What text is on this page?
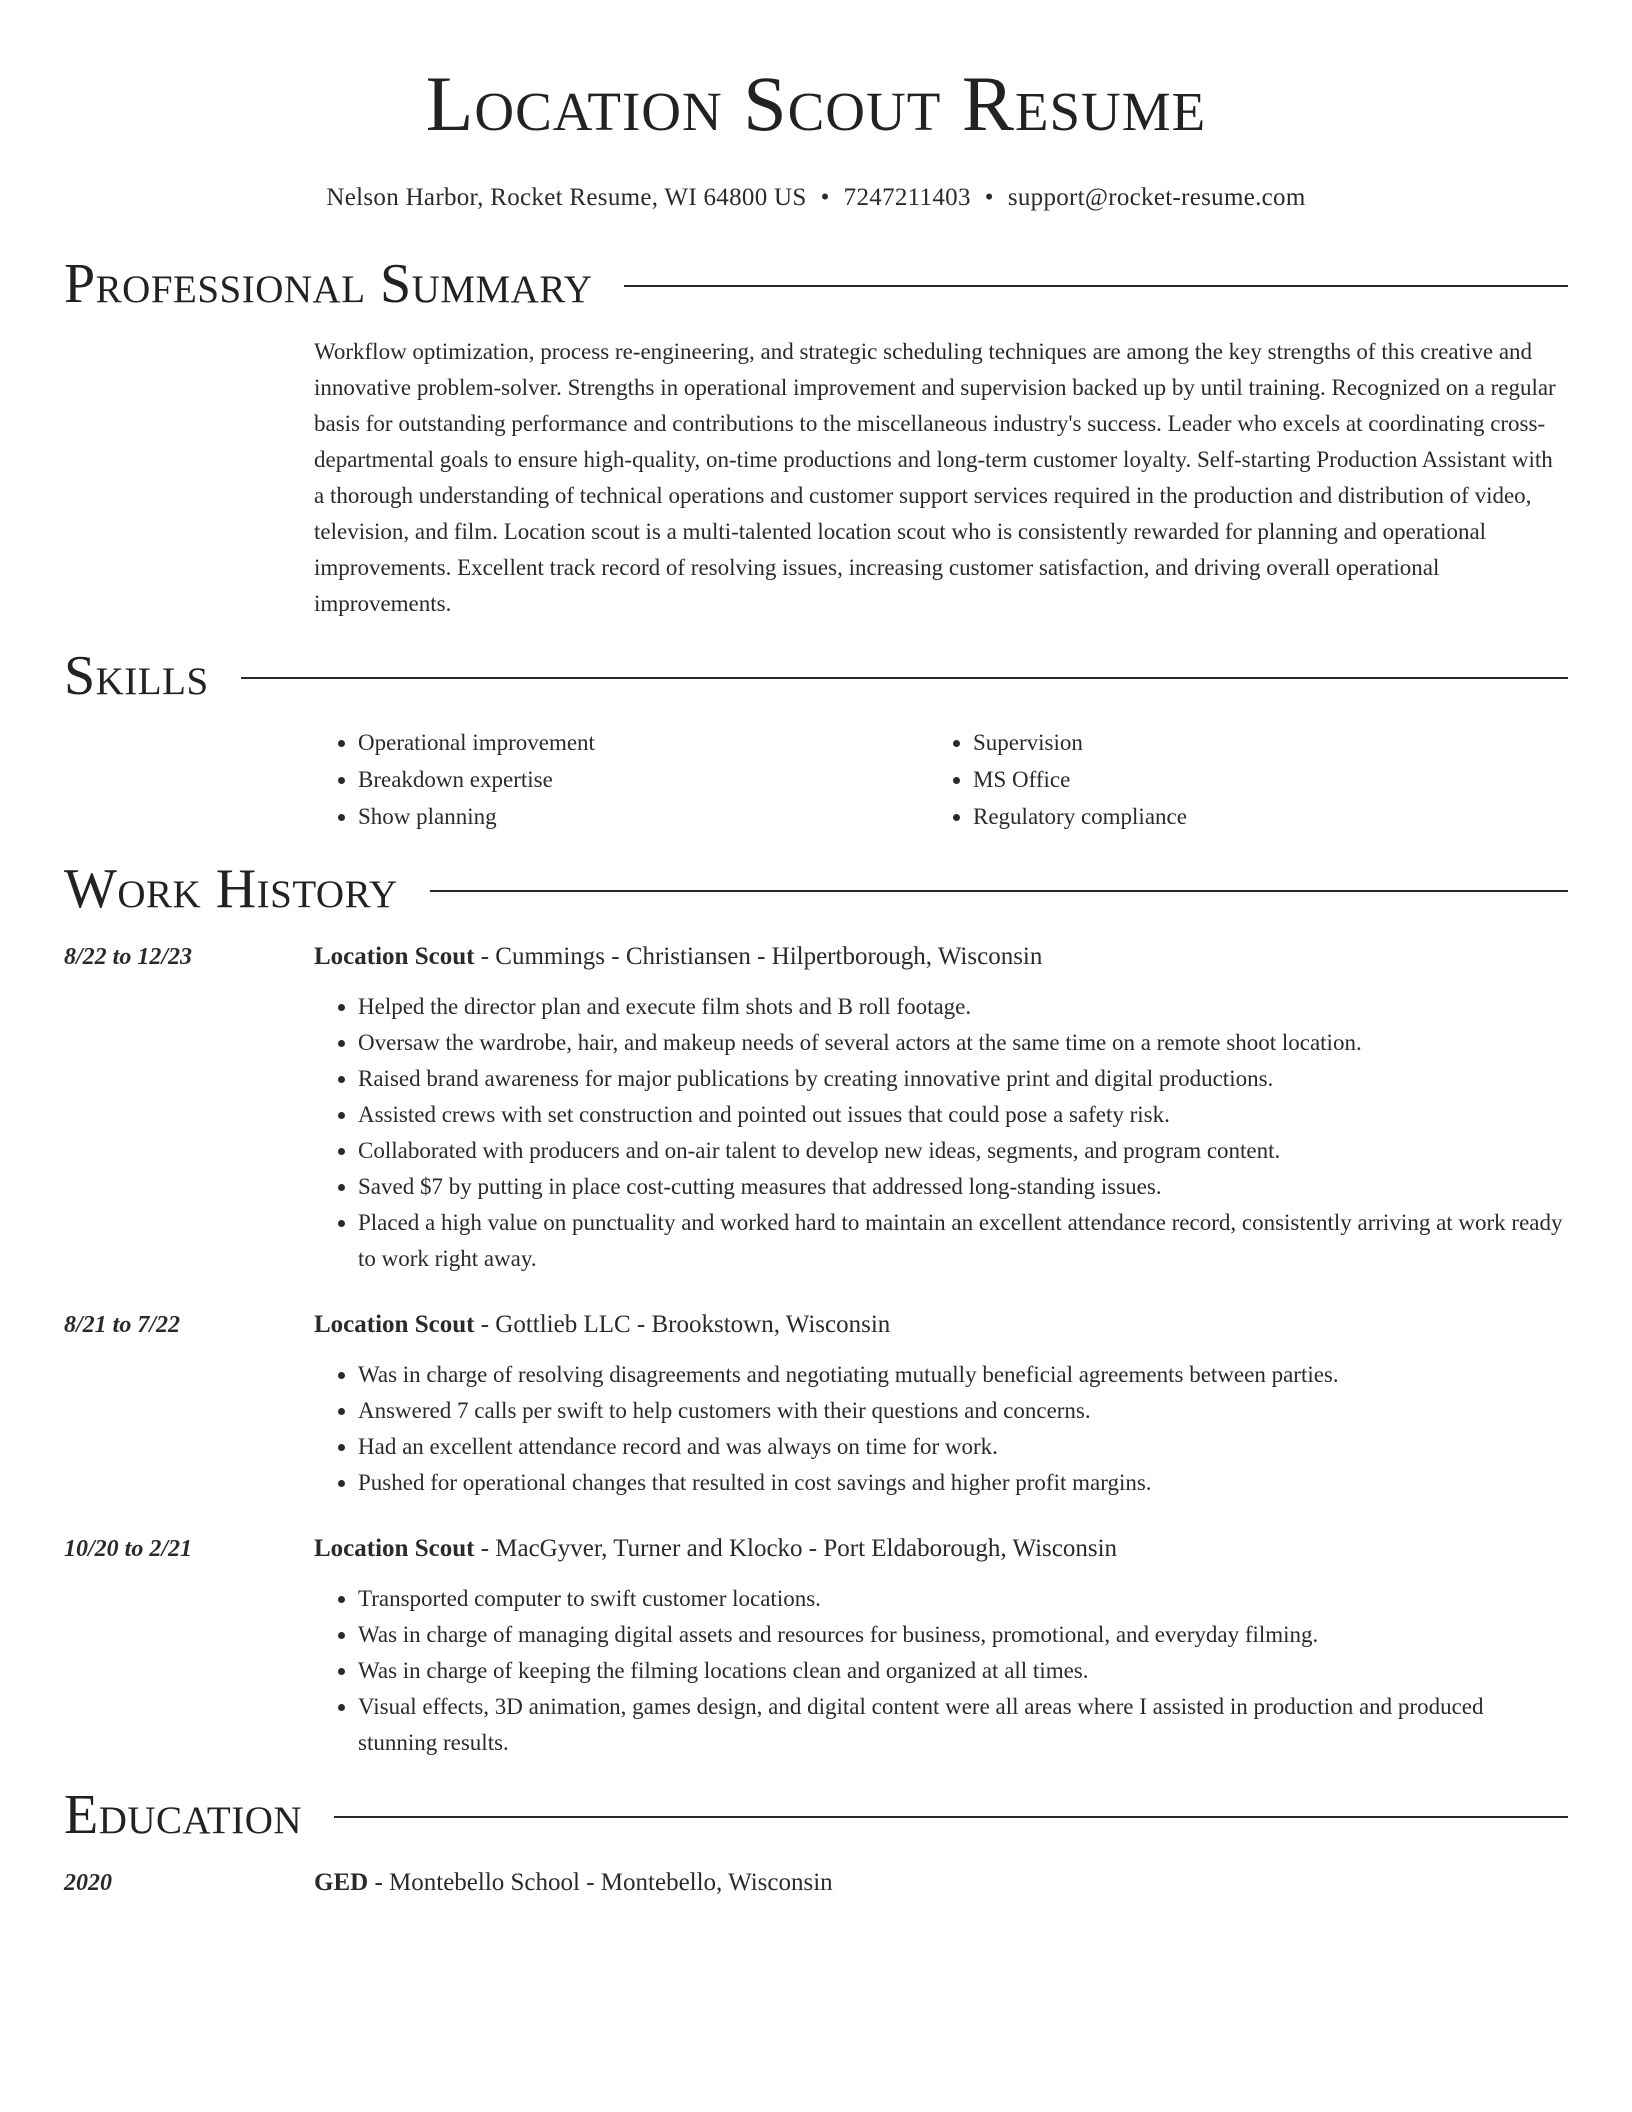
Location Scout Resume
Nelson Harbor, Rocket Resume, WI 64800 US • 7247211403 • support@rocket-resume.com
Professional Summary
Workflow optimization, process re-engineering, and strategic scheduling techniques are among the key strengths of this creative and innovative problem-solver. Strengths in operational improvement and supervision backed up by until training. Recognized on a regular basis for outstanding performance and contributions to the miscellaneous industry's success. Leader who excels at coordinating cross-departmental goals to ensure high-quality, on-time productions and long-term customer loyalty. Self-starting Production Assistant with a thorough understanding of technical operations and customer support services required in the production and distribution of video, television, and film. Location scout is a multi-talented location scout who is consistently rewarded for planning and operational improvements. Excellent track record of resolving issues, increasing customer satisfaction, and driving overall operational improvements.
Skills
• Operational improvement
• Breakdown expertise
• Show planning
• Supervision
• MS Office
• Regulatory compliance
Work History
8/22 to 12/23	Location Scout - Cummings - Christiansen - Hilpertborough, Wisconsin
• Helped the director plan and execute film shots and B roll footage.
• Oversaw the wardrobe, hair, and makeup needs of several actors at the same time on a remote shoot location.
• Raised brand awareness for major publications by creating innovative print and digital productions.
• Assisted crews with set construction and pointed out issues that could pose a safety risk.
• Collaborated with producers and on-air talent to develop new ideas, segments, and program content.
• Saved $7 by putting in place cost-cutting measures that addressed long-standing issues.
• Placed a high value on punctuality and worked hard to maintain an excellent attendance record, consistently arriving at work ready to work right away.
8/21 to 7/22	Location Scout - Gottlieb LLC - Brookstown, Wisconsin
• Was in charge of resolving disagreements and negotiating mutually beneficial agreements between parties.
• Answered 7 calls per swift to help customers with their questions and concerns.
• Had an excellent attendance record and was always on time for work.
• Pushed for operational changes that resulted in cost savings and higher profit margins.
10/20 to 2/21	Location Scout - MacGyver, Turner and Klocko - Port Eldaborough, Wisconsin
• Transported computer to swift customer locations.
• Was in charge of managing digital assets and resources for business, promotional, and everyday filming.
• Was in charge of keeping the filming locations clean and organized at all times.
• Visual effects, 3D animation, games design, and digital content were all areas where I assisted in production and produced stunning results.
Education
2020	GED - Montebello School - Montebello, Wisconsin
